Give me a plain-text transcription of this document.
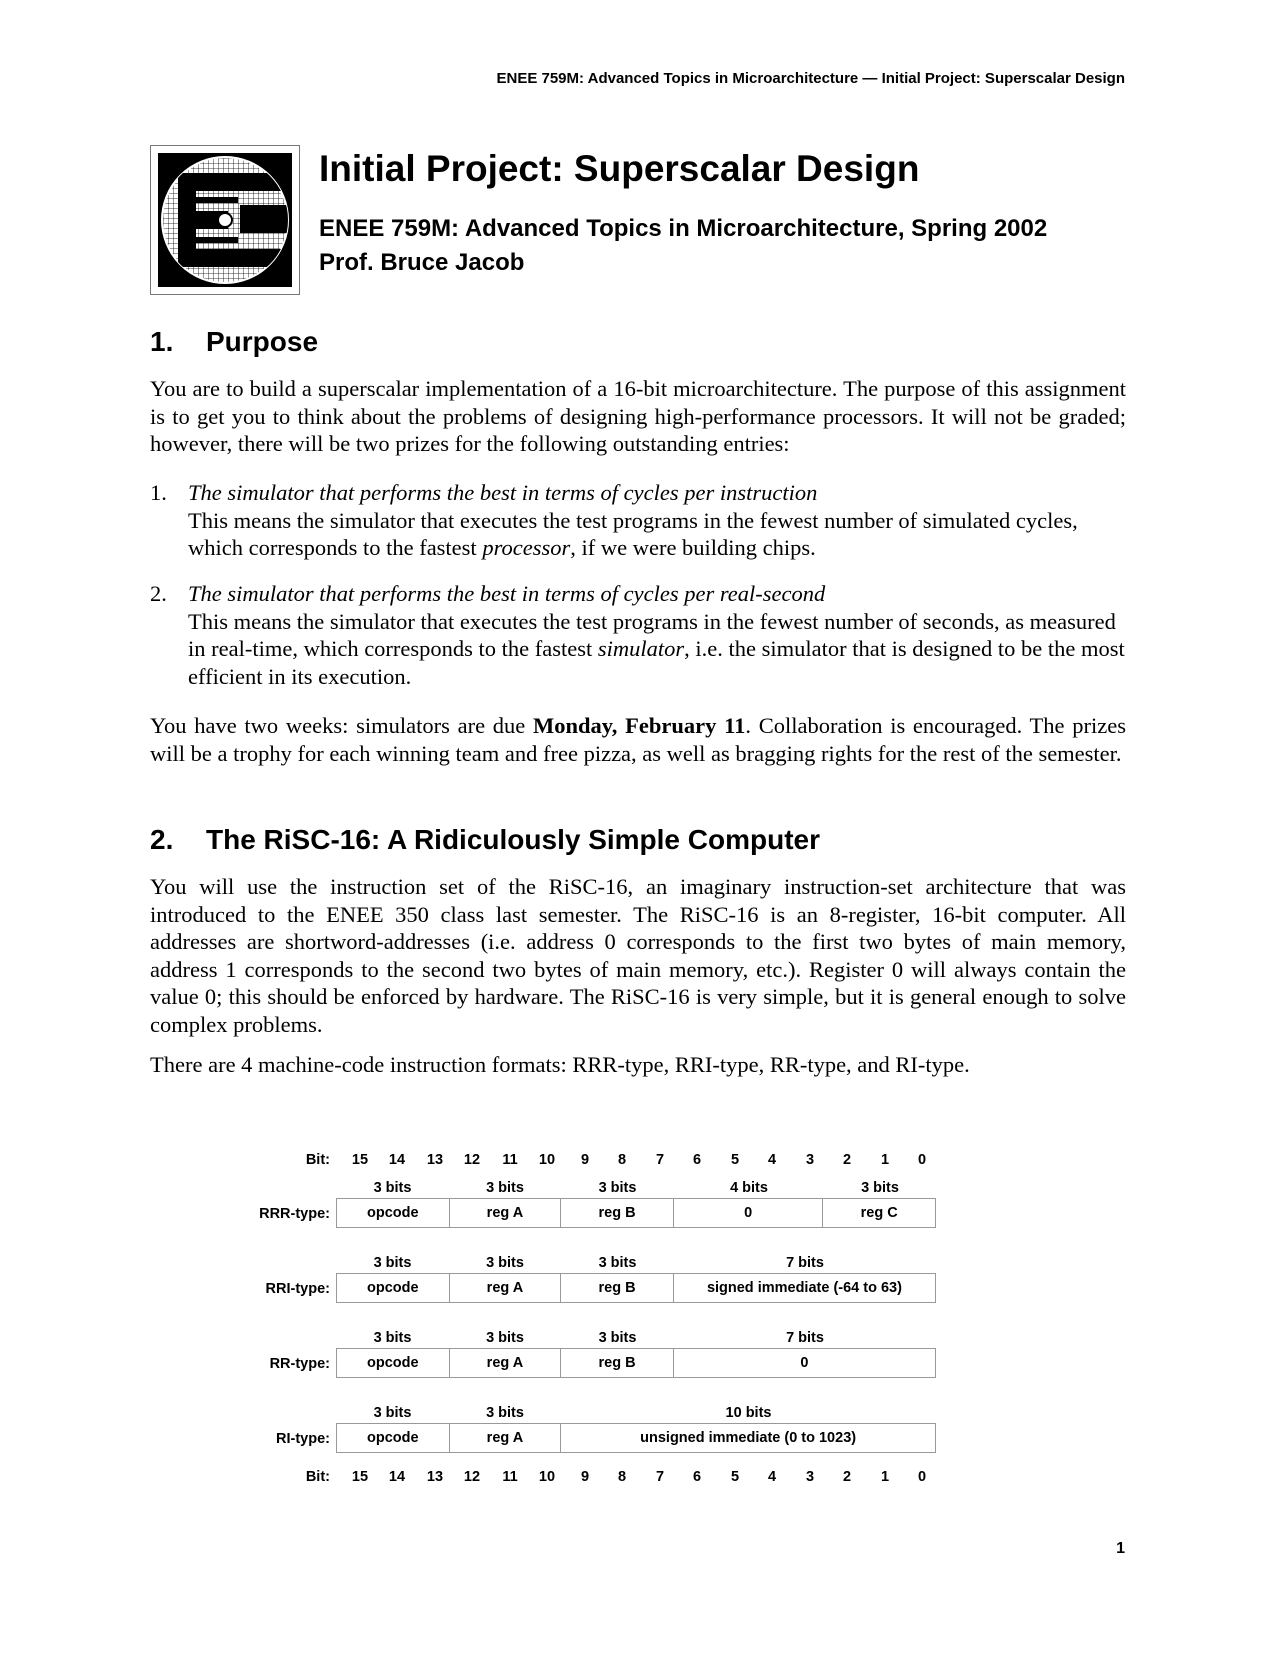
ENEE 759M: Advanced Topics in Microarchitecture — Initial Project: Superscalar Design
Initial Project: Superscalar Design
ENEE 759M: Advanced Topics in Microarchitecture, Spring 2002
Prof. Bruce Jacob
1. Purpose

You are to build a superscalar implementation of a 16-bit microarchitecture. The purpose of this assignment is to get you to think about the problems of designing high-performance processors. It will not be graded; however, there will be two prizes for the following outstanding entries:

1. The simulator that performs the best in terms of cycles per instruction
This means the simulator that executes the test programs in the fewest number of simulated cycles, which corresponds to the fastest processor, if we were building chips.
2. The simulator that performs the best in terms of cycles per real-second
This means the simulator that executes the test programs in the fewest number of seconds, as measured in real-time, which corresponds to the fastest simulator, i.e. the simulator that is designed to be the most efficient in its execution.

You have two weeks: simulators are due Monday, February 11. Collaboration is encouraged. The prizes will be a trophy for each winning team and free pizza, as well as bragging rights for the rest of the semester.

2. The RiSC-16: A Ridiculously Simple Computer

You will use the instruction set of the RiSC-16, an imaginary instruction-set architecture that was introduced to the ENEE 350 class last semester. The RiSC-16 is an 8-register, 16-bit computer. All addresses are shortword-addresses (i.e. address 0 corresponds to the first two bytes of main memory, address 1 corresponds to the second two bytes of main memory, etc.). Register 0 will always contain the value 0; this should be enforced by hardware. The RiSC-16 is very simple, but it is general enough to solve complex problems.

There are 4 machine-code instruction formats: RRR-type, RRI-type, RR-type, and RI-type.

Bit:	15	14	13	12	11	10	9	8	7	6	5	4	3	2	1	0
3 bits	3 bits	3 bits	4 bits	3 bits
RRR-type:	opcode	reg A	reg B	0	reg C
3 bits	3 bits	3 bits	7 bits
RRI-type:	opcode	reg A	reg B	signed immediate (-64 to 63)
3 bits	3 bits	3 bits	7 bits
RR-type:	opcode	reg A	reg B	0
3 bits	3 bits	10 bits
RI-type:	opcode	reg A	unsigned immediate (0 to 1023)
Bit:	15	14	13	12	11	10	9	8	7	6	5	4	3	2	1	0
1
